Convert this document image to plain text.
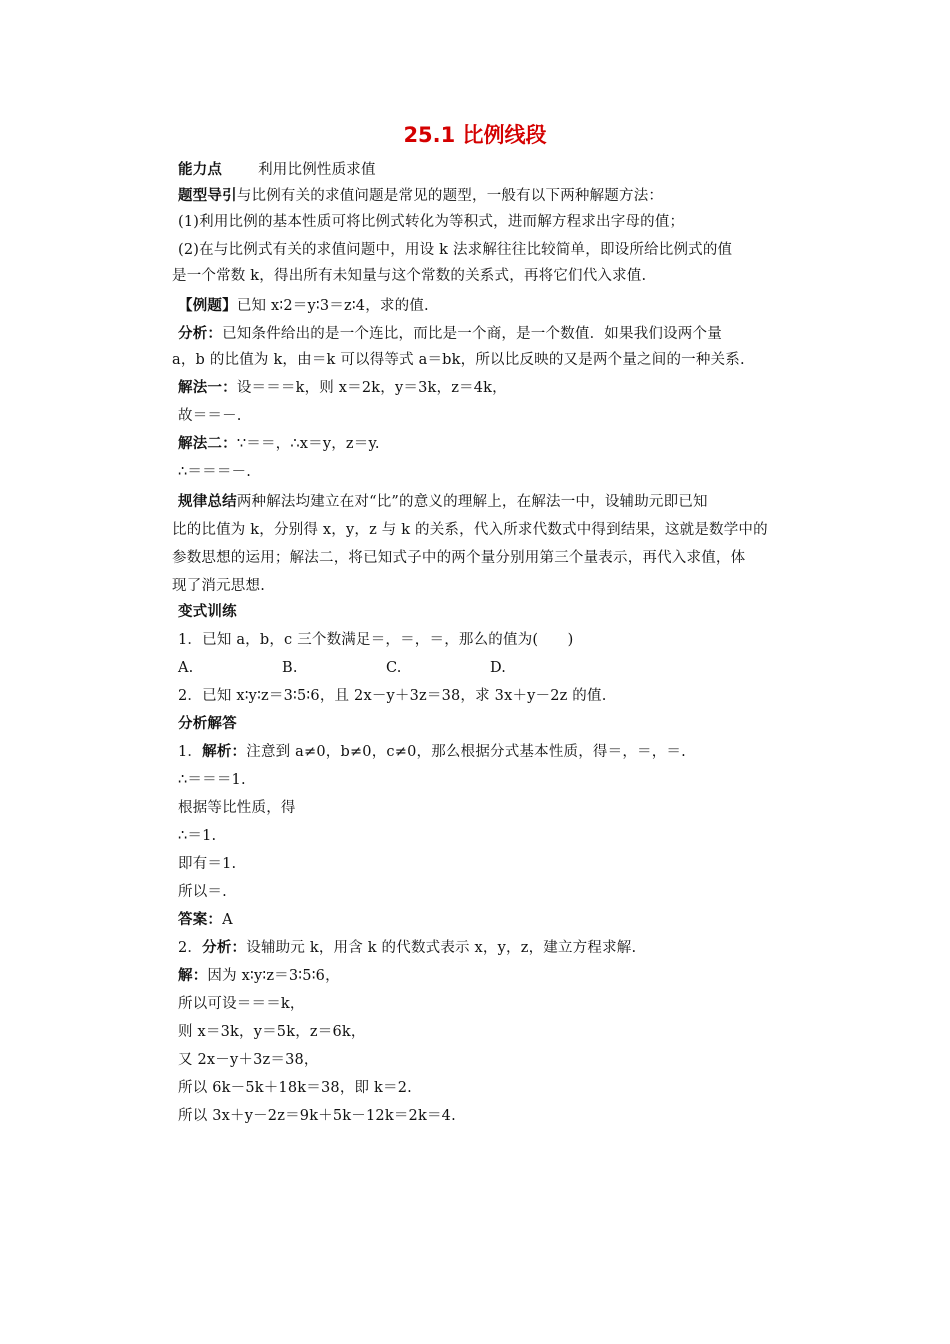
25.1 比例线段
能力点 利用比例性质求值
题型导引与比例有关的求值问题是常见的题型，一般有以下两种解题方法：
(1)利用比例的基本性质可将比例式转化为等积式，进而解方程求出字母的值；
(2)在与比例式有关的求值问题中，用设 k 法求解往往比较简单，即设所给比例式的值
是一个常数 k，得出所有未知量与这个常数的关系式，再将它们代入求值.
【例题】已知 x∶2＝y∶3＝z∶4，求的值.
分析：已知条件给出的是一个连比，而比是一个商，是一个数值．如果我们设两个量
a，b 的比值为 k，由＝k 可以得等式 a＝bk，所以比反映的又是两个量之间的一种关系.
解法一：设＝＝＝k，则 x＝2k，y＝3k，z＝4k，
故＝＝－.
解法二：∵＝＝，∴x＝y，z＝y.
∴＝＝＝－.
规律总结两种解法均建立在对“比”的意义的理解上，在解法一中，设辅助元即已知
比的比值为 k，分别得 x，y，z 与 k 的关系，代入所求代数式中得到结果，这就是数学中的
参数思想的运用；解法二，将已知式子中的两个量分别用第三个量表示，再代入求值，体
现了消元思想.
变式训练
1．已知 a，b，c 三个数满足＝，＝，＝，那么的值为(　　)
A.	B.	C.	D.
2．已知 x∶y∶z＝3∶5∶6，且 2x－y＋3z＝38，求 3x＋y－2z 的值.
分析解答
1．解析：注意到 a≠0，b≠0，c≠0，那么根据分式基本性质，得＝，＝，＝.
∴＝＝＝1.
根据等比性质，得
∴＝1.
即有＝1.
所以＝.
答案：A
2．分析：设辅助元 k，用含 k 的代数式表示 x，y，z，建立方程求解.
解：因为 x∶y∶z＝3∶5∶6，
所以可设＝＝＝k，
则 x＝3k，y＝5k，z＝6k，
又 2x－y＋3z＝38，
所以 6k－5k＋18k＝38，即 k＝2.
所以 3x＋y－2z＝9k＋5k－12k＝2k＝4.
